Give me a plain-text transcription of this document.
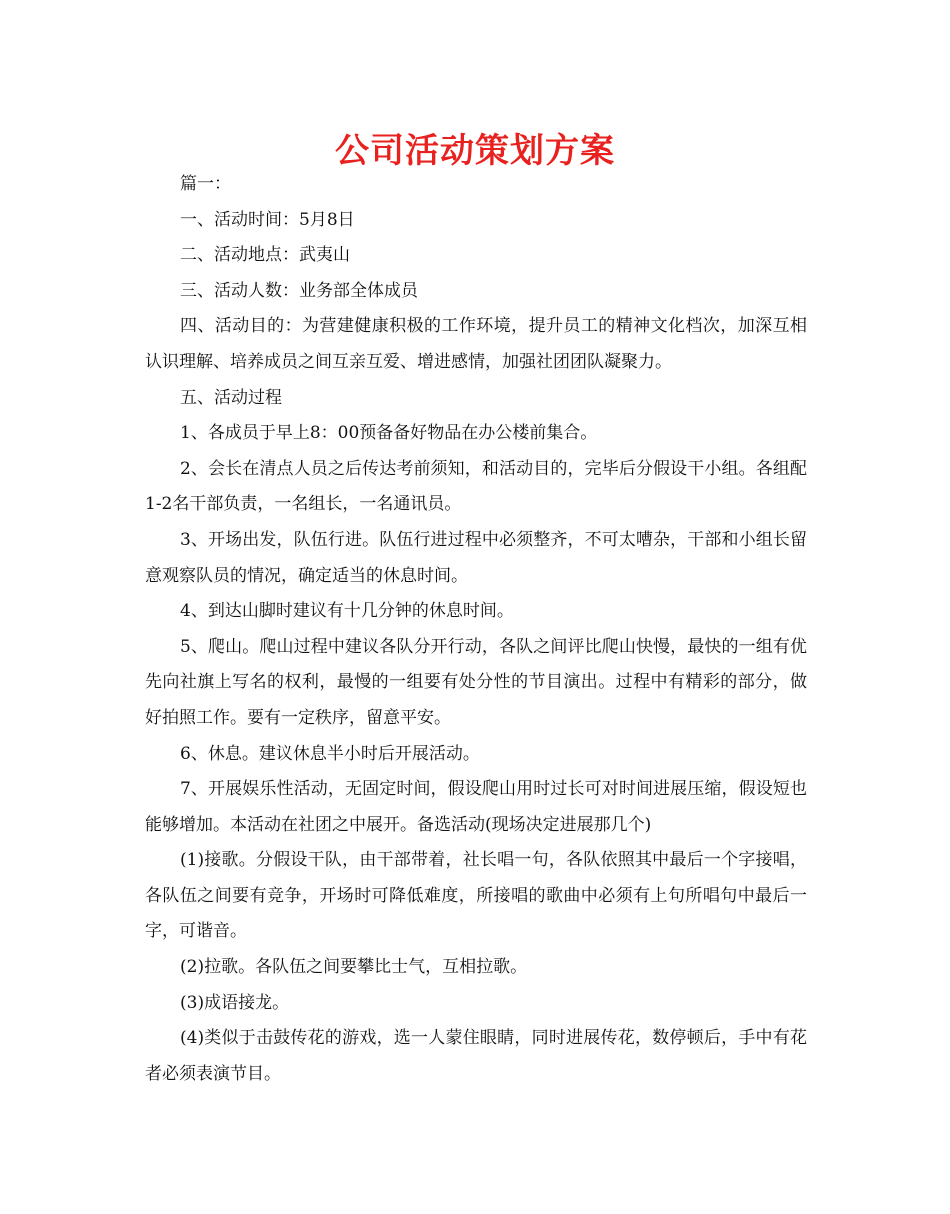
公司活动策划方案

篇一：

一、活动时间：5月8日

二、活动地点：武夷山

三、活动人数：业务部全体成员

四、活动目的：为营建健康积极的工作环境，提升员工的精神文化档次，加深互相认识理解、培养成员之间互亲互爱、增进感情，加强社团团队凝聚力。

五、活动过程

1、各成员于早上8：00预备备好物品在办公楼前集合。

2、会长在清点人员之后传达考前须知，和活动目的，完毕后分假设干小组。各组配1-2名干部负责，一名组长，一名通讯员。

3、开场出发，队伍行进。队伍行进过程中必须整齐，不可太嘈杂，干部和小组长留意观察队员的情况，确定适当的休息时间。

4、到达山脚时建议有十几分钟的休息时间。

5、爬山。爬山过程中建议各队分开行动，各队之间评比爬山快慢，最快的一组有优先向社旗上写名的权利，最慢的一组要有处分性的节目演出。过程中有精彩的部分，做好拍照工作。要有一定秩序，留意平安。

6、休息。建议休息半小时后开展活动。

7、开展娱乐性活动，无固定时间，假设爬山用时过长可对时间进展压缩，假设短也能够增加。本活动在社团之中展开。备选活动(现场决定进展那几个)

(1)接歌。分假设干队，由干部带着，社长唱一句，各队依照其中最后一个字接唱，各队伍之间要有竞争，开场时可降低难度，所接唱的歌曲中必须有上句所唱句中最后一字，可谐音。

(2)拉歌。各队伍之间要攀比士气，互相拉歌。

(3)成语接龙。

(4)类似于击鼓传花的游戏，选一人蒙住眼睛，同时进展传花，数停顿后，手中有花者必须表演节目。
